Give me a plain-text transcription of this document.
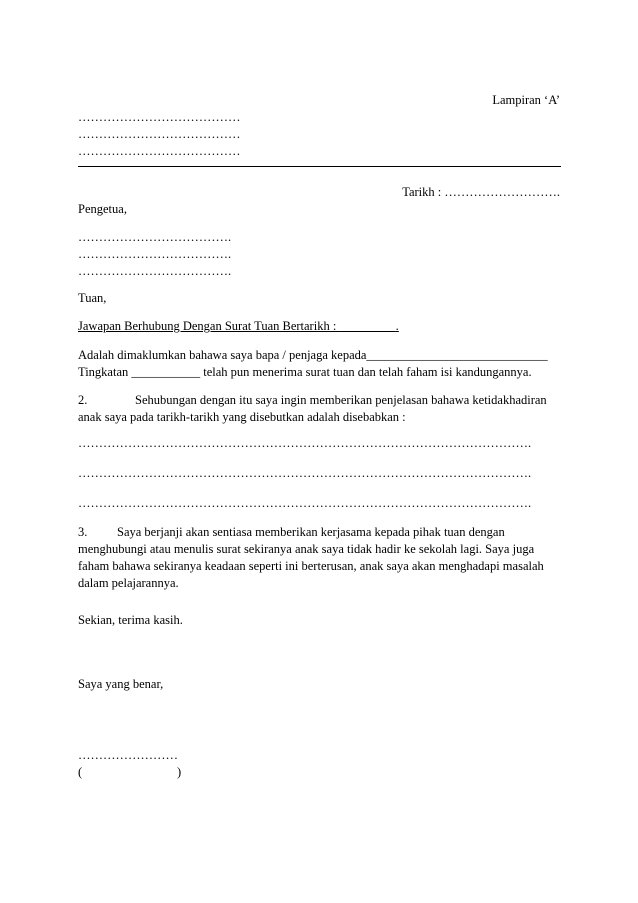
Lampiran ‘A’
…………………………………
…………………………………
…………………………………
Tarikh : ……………………….
Pengetua,
……………………………….
……………………………….
……………………………….
Tuan,
Jawapan Berhubung Dengan Surat Tuan Bertarikh :	.
Adalah dimaklumkan bahawa saya bapa / penjaga kepada_____________________________
Tingkatan ___________ telah pun menerima surat tuan dan telah faham isi kandungannya.
2.	Sehubungan dengan itu saya ingin memberikan penjelasan bahawa ketidakhadiran
anak saya pada tarikh-tarikh yang disebutkan adalah disebabkan :
……………………………………………………………………………………………….
……………………………………………………………………………………………….
……………………………………………………………………………………………….
3. Saya berjanji akan sentiasa memberikan kerjasama kepada pihak tuan dengan
menghubungi atau menulis surat sekiranya anak saya tidak hadir ke sekolah lagi. Saya juga
faham bahawa sekiranya keadaan seperti ini berterusan, anak saya akan menghadapi masalah
dalam pelajarannya.
Sekian, terima kasih.
Saya yang benar,
……………………
(	)
